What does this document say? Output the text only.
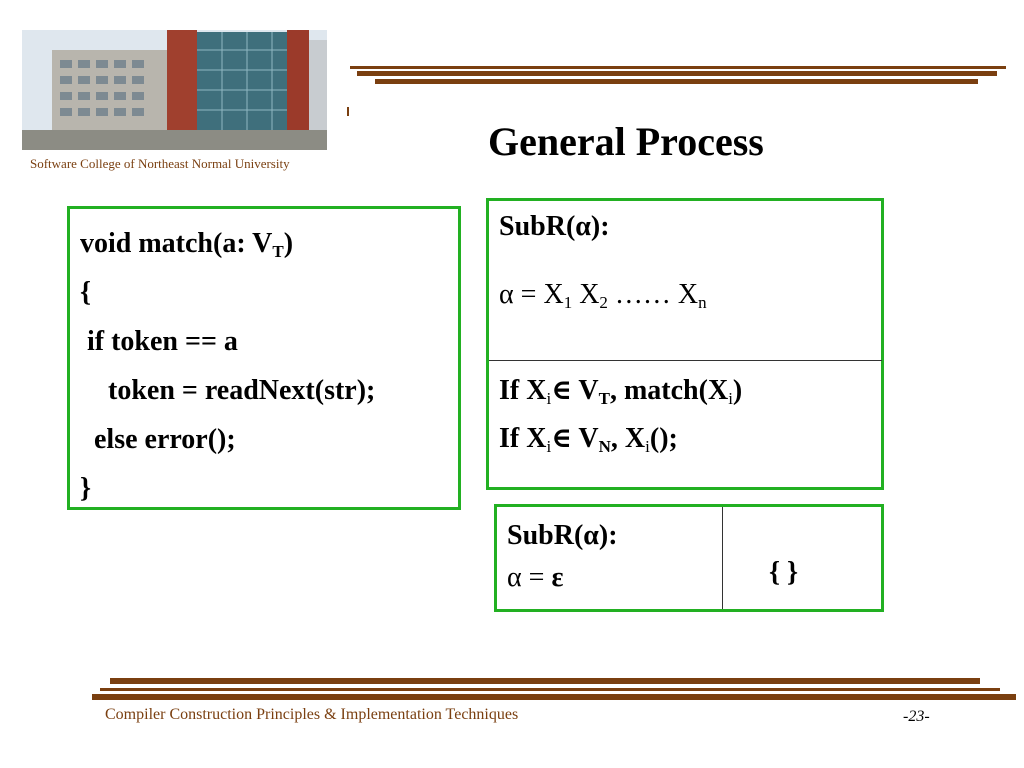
Software College of Northeast Normal University	General Process
void match(a: $V_T$)
{
if token == a
token = readNext(str);
else error();
}
SubR(α):
$\alpha = X_1$ $X_2$ …… $X_n$
If $X_i\in$ $V_T$, $match(X_i)$
If $X_i\in$ $V_N$, $X_i()$;
SubR(α):
α = ε	{ }
Compiler Construction Principles & Implementation Techniques	-23-
